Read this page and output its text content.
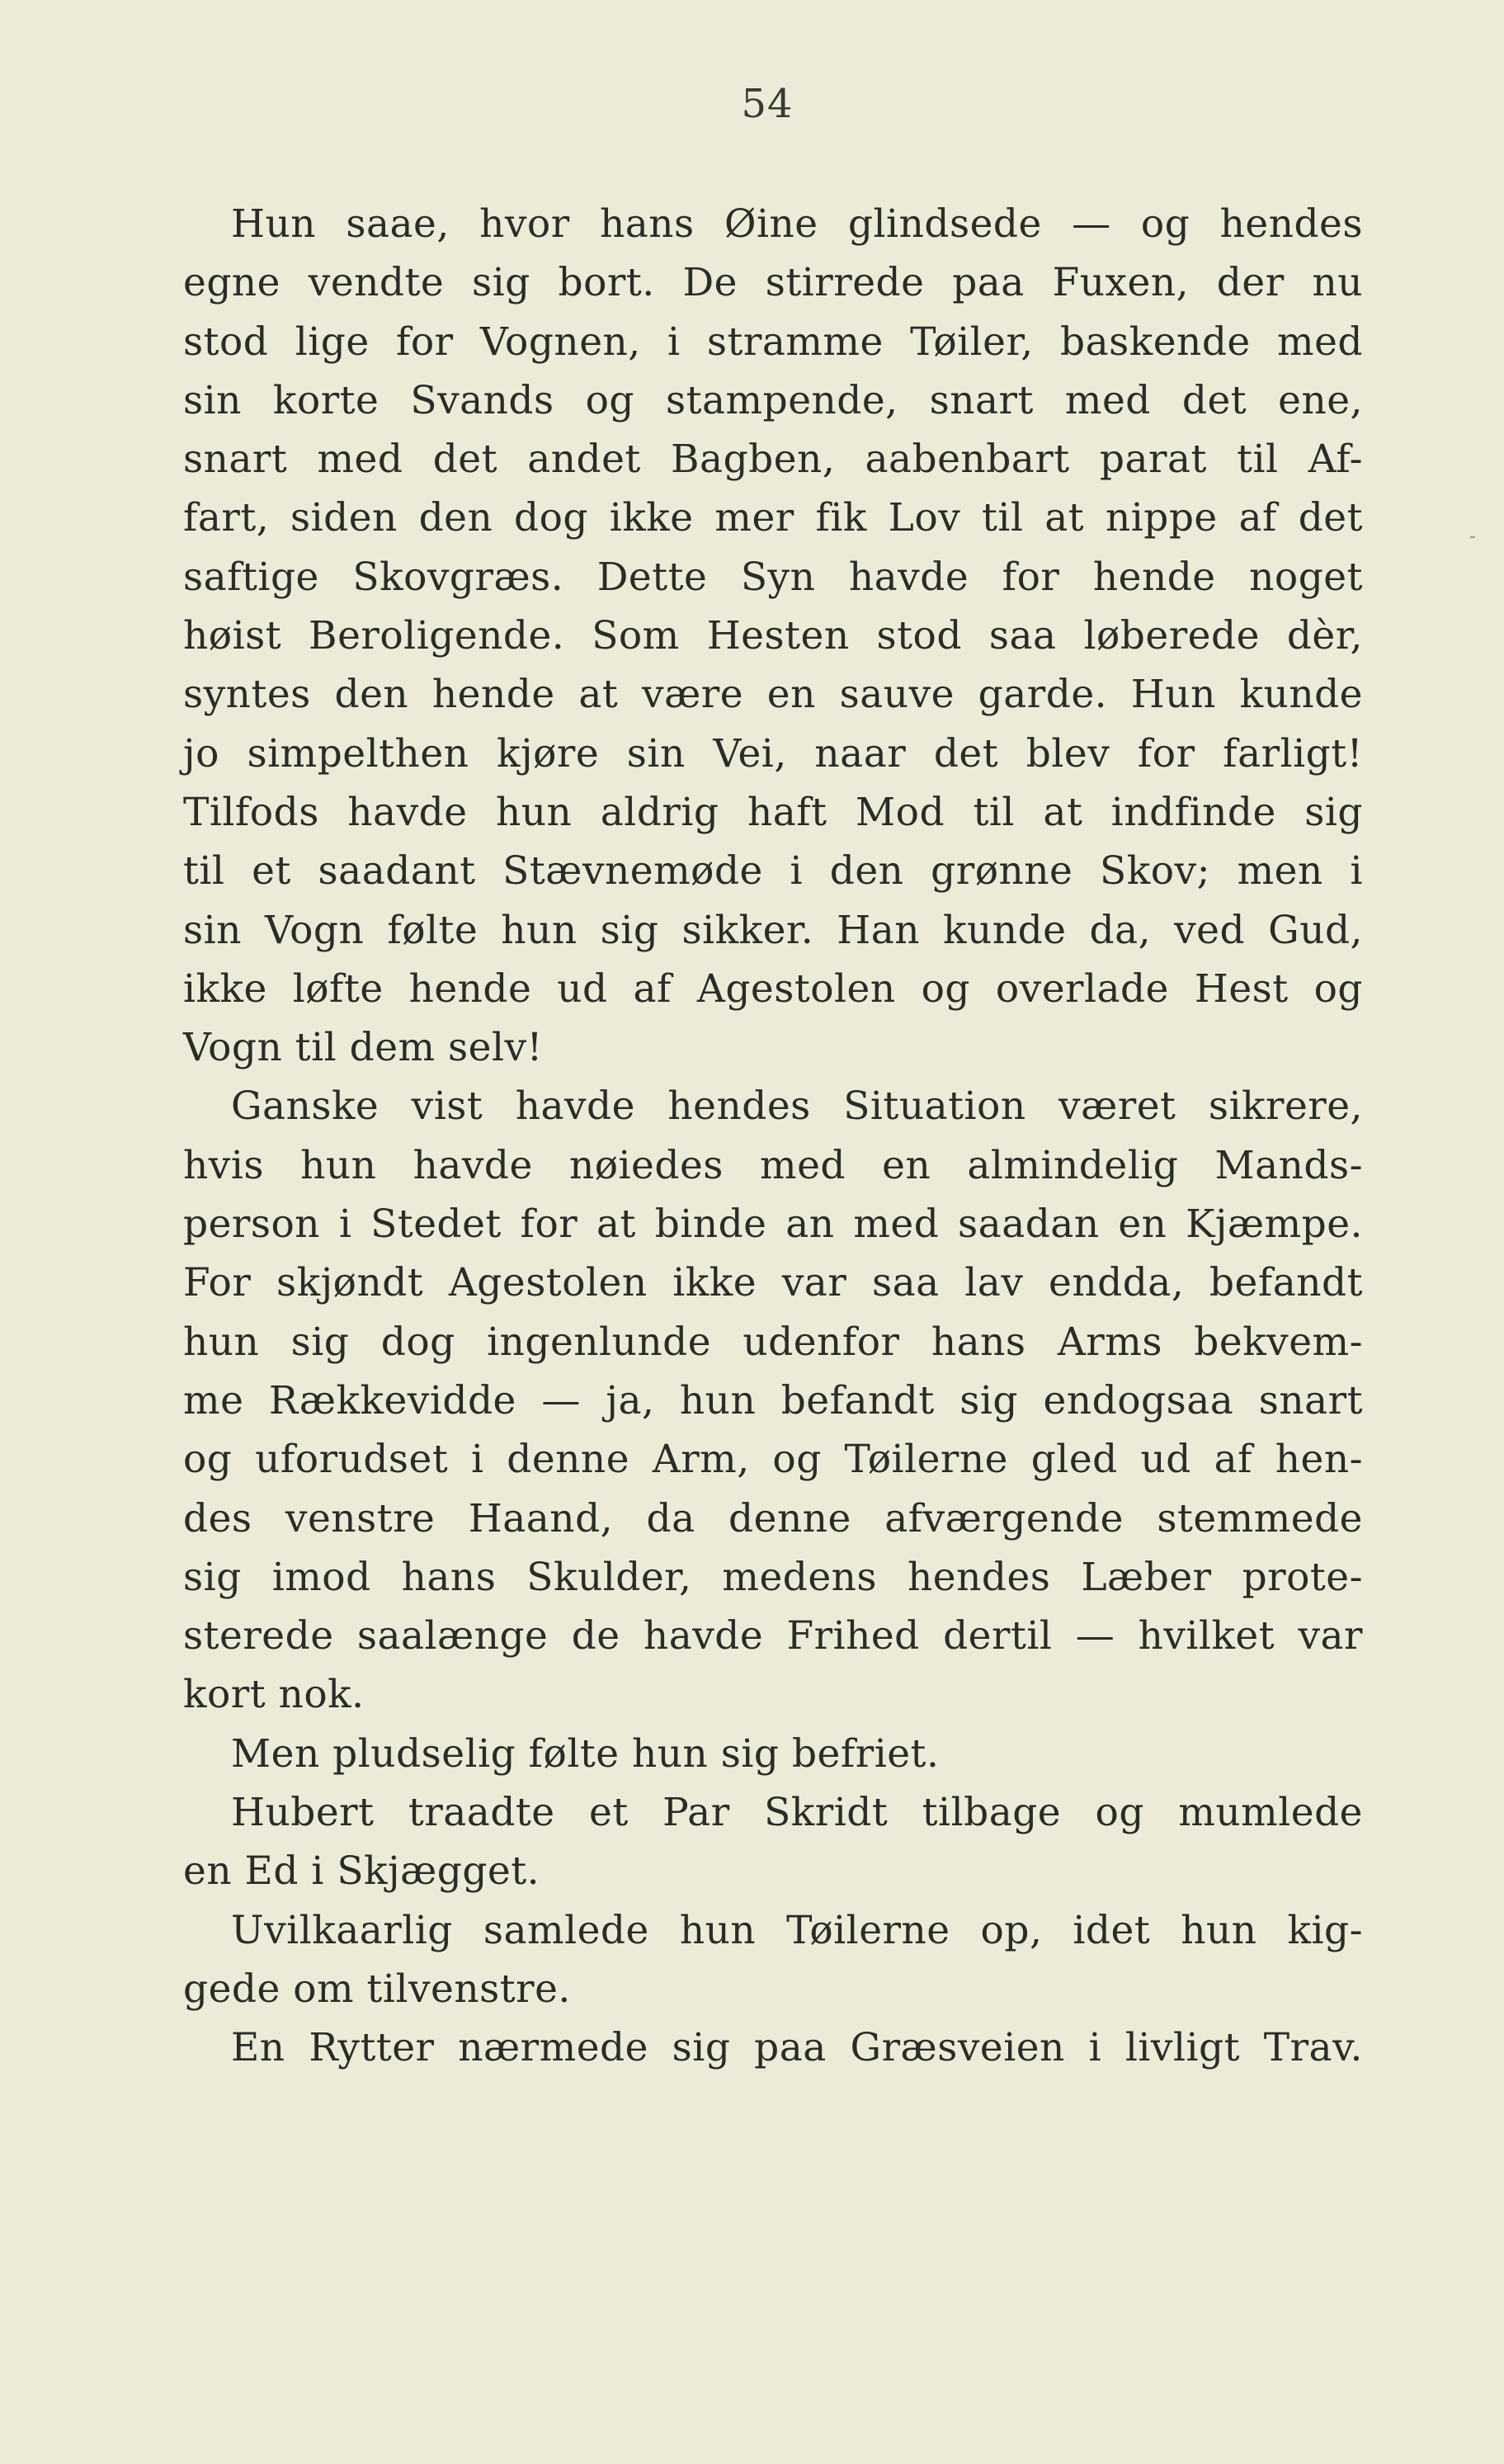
54
Hun saae, hvor hans Øine glindsede — og hendes
egne vendte sig bort. De stirrede paa Fuxen, der nu
stod lige for Vognen, i stramme Tøiler, baskende med
sin korte Svands og stampende, snart med det ene,
snart med det andet Bagben, aabenbart parat til Af-
fart, siden den dog ikke mer fik Lov til at nippe af det
saftige Skovgræs. Dette Syn havde for hende noget
høist Beroligende. Som Hesten stod saa løberede dèr,
syntes den hende at være en sauve garde. Hun kunde
jo simpelthen kjøre sin Vei, naar det blev for farligt!
Tilfods havde hun aldrig haft Mod til at indfinde sig
til et saadant Stævnemøde i den grønne Skov; men i
sin Vogn følte hun sig sikker. Han kunde da, ved Gud,
ikke løfte hende ud af Agestolen og overlade Hest og
Vogn til dem selv!
Ganske vist havde hendes Situation været sikrere,
hvis hun havde nøiedes med en almindelig Mands-
person i Stedet for at binde an med saadan en Kjæmpe.
For skjøndt Agestolen ikke var saa lav endda, befandt
hun sig dog ingenlunde udenfor hans Arms bekvem-
me Rækkevidde — ja, hun befandt sig endogsaa snart
og uforudset i denne Arm, og Tøilerne gled ud af hen-
des venstre Haand, da denne afværgende stemmede
sig imod hans Skulder, medens hendes Læber prote-
sterede saalænge de havde Frihed dertil — hvilket var
kort nok.
Men pludselig følte hun sig befriet.
Hubert traadte et Par Skridt tilbage og mumlede
en Ed i Skjægget.
Uvilkaarlig samlede hun Tøilerne op, idet hun kig-
gede om tilvenstre.
En Rytter nærmede sig paa Græsveien i livligt Trav.
